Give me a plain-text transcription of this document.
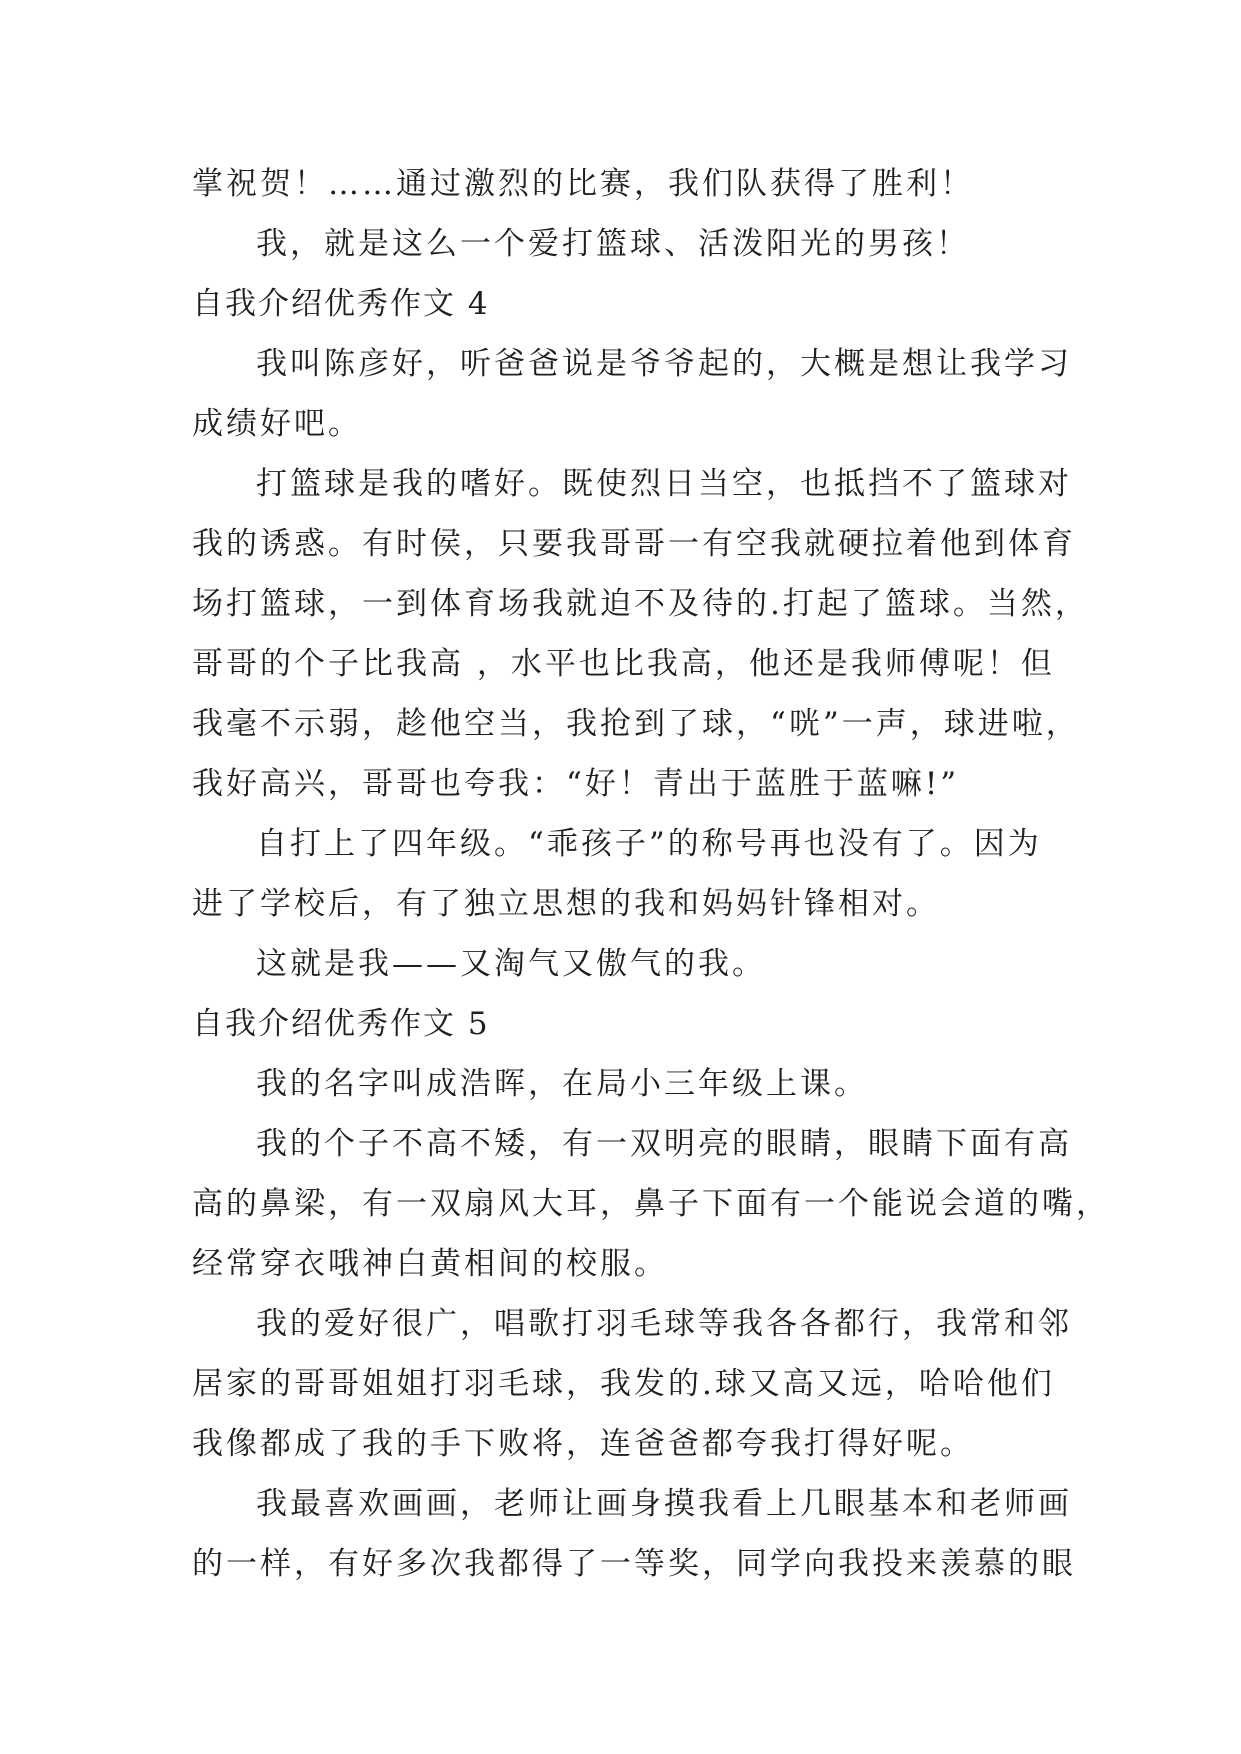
掌祝贺！……通过激烈的比赛，我们队获得了胜利！
我，就是这么一个爱打篮球、活泼阳光的男孩！
自我介绍优秀作文 4
我叫陈彦好，听爸爸说是爷爷起的，大概是想让我学习
成绩好吧。
打篮球是我的嗜好。既使烈日当空，也抵挡不了篮球对
我的诱惑。有时侯，只要我哥哥一有空我就硬拉着他到体育
场打篮球，一到体育场我就迫不及待的.打起了篮球。当然，
哥哥的个子比我高 ，水平也比我高，他还是我师傅呢！但
我毫不示弱，趁他空当，我抢到了球，“咣”一声，球进啦，
我好高兴，哥哥也夸我：“好！青出于蓝胜于蓝嘛!”
自打上了四年级。“乖孩子”的称号再也没有了。因为
进了学校后，有了独立思想的我和妈妈针锋相对。
这就是我——又淘气又傲气的我。
自我介绍优秀作文 5
我的名字叫成浩晖，在局小三年级上课。
我的个子不高不矮，有一双明亮的眼睛，眼睛下面有高
高的鼻梁，有一双扇风大耳，鼻子下面有一个能说会道的嘴，
经常穿衣哦神白黄相间的校服。
我的爱好很广，唱歌打羽毛球等我各各都行，我常和邻
居家的哥哥姐姐打羽毛球，我发的.球又高又远，哈哈他们
我像都成了我的手下败将，连爸爸都夸我打得好呢。
我最喜欢画画，老师让画身摸我看上几眼基本和老师画
的一样，有好多次我都得了一等奖，同学向我投来羡慕的眼
